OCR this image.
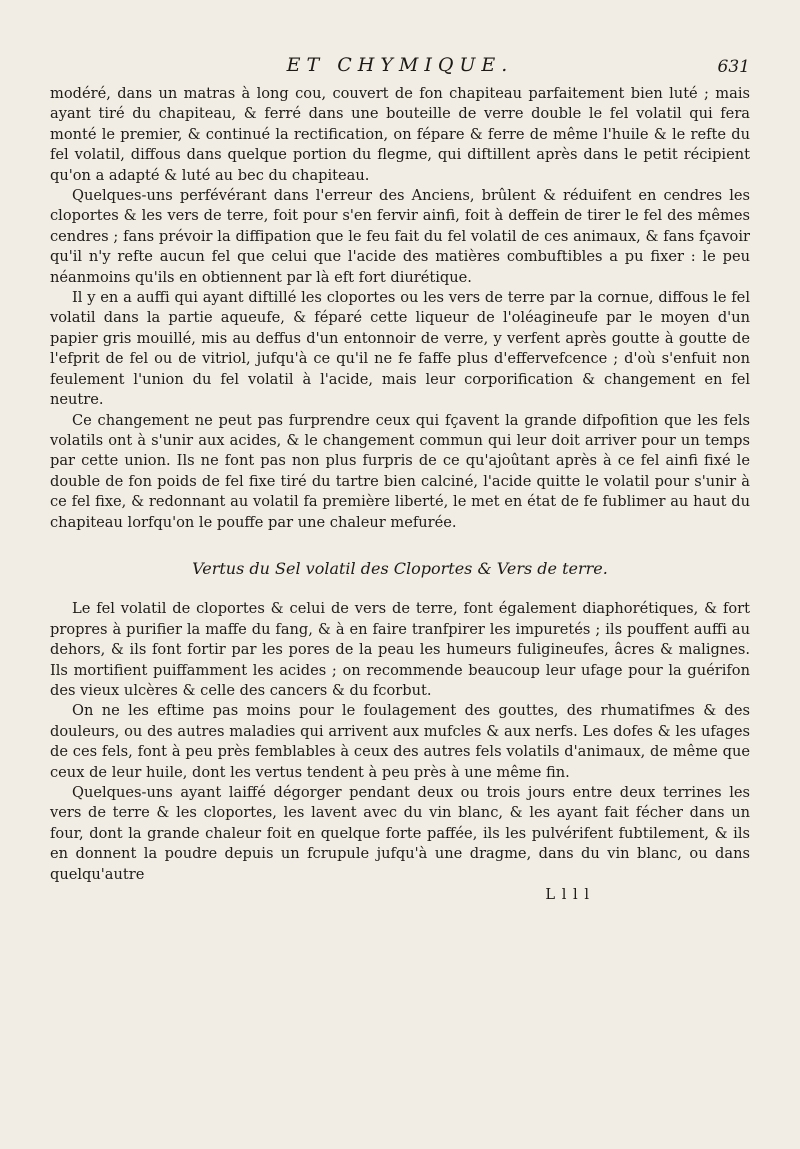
ET CHYMIQUE.	631

modéré, dans un matras à long cou, couvert de fon chapiteau parfaitement bien luté ; mais ayant tiré du chapiteau, & ferré dans une bouteille de verre double le fel volatil qui fera monté le premier, & continué la rectification, on fépare & ferre de même l'huile & le refte du fel volatil, diffous dans quelque portion du flegme, qui diftillent après dans le petit récipient qu'on a adapté & luté au bec du chapiteau.

Quelques-uns perfévérant dans l'erreur des Anciens, brûlent & réduifent en cendres les cloportes & les vers de terre, foit pour s'en fervir ainfi, foit à deffein de tirer le fel des mêmes cendres ; fans prévoir la diffipation que le feu fait du fel volatil de ces animaux, & fans fçavoir qu'il n'y refte aucun fel que celui que l'acide des matières combuftibles a pu fixer : le peu néanmoins qu'ils en obtiennent par là eft fort diurétique.

Il y en a auffi qui ayant diftillé les cloportes ou les vers de terre par la cornue, diffous le fel volatil dans la partie aqueufe, & féparé cette liqueur de l'oléagineufe par le moyen d'un papier gris mouillé, mis au deffus d'un entonnoir de verre, y verfent après goutte à goutte de l'efprit de fel ou de vitriol, jufqu'à ce qu'il ne fe faffe plus d'effervefcence ; d'où s'enfuit non feulement l'union du fel volatil à l'acide, mais leur corporification & changement en fel neutre.

Ce changement ne peut pas furprendre ceux qui fçavent la grande difpofition que les fels volatils ont à s'unir aux acides, & le changement commun qui leur doit arriver pour un temps par cette union. Ils ne font pas non plus furpris de ce qu'ajoûtant après à ce fel ainfi fixé le double de fon poids de fel fixe tiré du tartre bien calciné, l'acide quitte le volatil pour s'unir à ce fel fixe, & redonnant au volatil fa première liberté, le met en état de fe fublimer au haut du chapiteau lorfqu'on le pouffe par une chaleur mefurée.

Vertus du Sel volatil des Cloportes & Vers de terre.

Le fel volatil de cloportes & celui de vers de terre, font également diaphorétiques, & fort propres à purifier la maffe du fang, & à en faire tranfpirer les impuretés ; ils pouffent auffi au dehors, & ils font fortir par les pores de la peau les humeurs fuligineufes, âcres & malignes. Ils mortifient puiffamment les acides ; on recommende beaucoup leur ufage pour la guérifon des vieux ulcères & celle des cancers & du fcorbut.

On ne les eftime pas moins pour le foulagement des gouttes, des rhumatifmes & des douleurs, ou des autres maladies qui arrivent aux mufcles & aux nerfs. Les dofes & les ufages de ces fels, font à peu près femblables à ceux des autres fels volatils d'animaux, de même que ceux de leur huile, dont les vertus tendent à peu près à une même fin.

Quelques-uns ayant laiffé dégorger pendant deux ou trois jours entre deux terrines les vers de terre & les cloportes, les lavent avec du vin blanc, & les ayant fait fécher dans un four, dont la grande chaleur foit en quelque forte paffée, ils les pulvérifent fubtilement, & ils en donnent la poudre depuis un fcrupule jufqu'à une dragme, dans du vin blanc, ou dans quelqu'autre

L l l l
